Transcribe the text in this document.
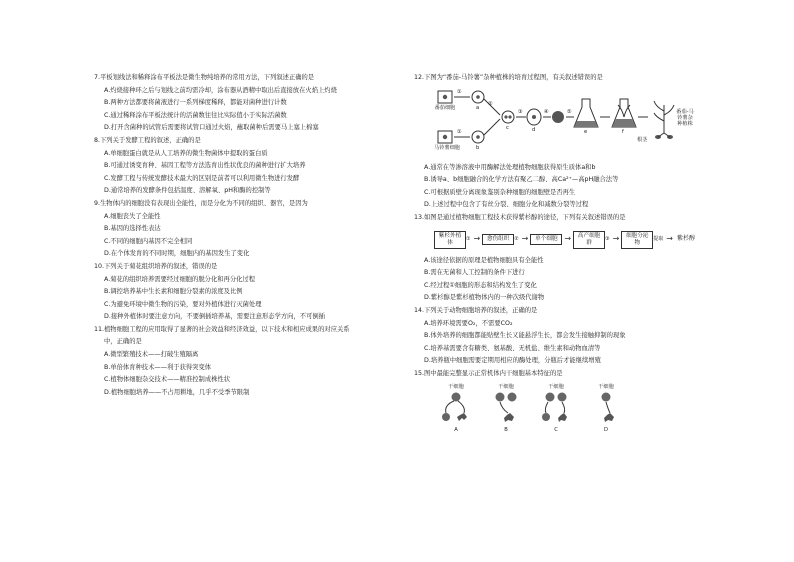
7.平板划线法和稀释涂布平板法是微生物纯培养的常用方法，下列叙述正确的是
A.灼烧接种环之后与划线之前均需冷却，涂布器从酒精中取出后直接放在火焰上灼烧
B.两种方法都要将菌液进行一系列梯度稀释，都能对菌种进行计数
C.通过稀释涂布平板法统计的活菌数往往比实际值小于实际活菌数
D.打开含菌种的试管后需要将试管口通过火焰，蘸取菌种后需要马上塞上棉塞
8.下列关于发酵工程的叙述，正确的是
A.单细胞蛋白就是从人工培养的微生物菌体中提取的蛋白质
B.可通过诱变育种、基因工程等方法选育出性状优良的菌种进行扩大培养
C.发酵工程与传统发酵技术最大的区别是前者可以利用微生物进行发酵
D.通常培养的发酵条件包括温度、溶解氧、pH和酶的控制等
9.生物体内的细胞没有表现出全能性，而是分化为不同的组织、器官，是因为
A.细胞丧失了全能性
B.基因的选择性表达
C.不同的细胞内基因不完全相同
D.在个体发育的不同时期，细胞内的基因发生了变化
10.下列关于菊花组织培养的叙述，错误的是
A.菊花的组织培养需要经过细胞的脱分化和再分化过程
B.调控培养基中生长素和细胞分裂素的浓度及比例
C.为避免环境中微生物的污染，要对外植体进行灭菌处理
D.接种外植体时要注意方向，不要倒插培养基，需要注意形态学方向，不可倒插
11.植物细胞工程的应用取得了显著的社会效益和经济效益，以下技术和相应成果的对应关系
中，正确的是
A.微型繁殖技术——打破生殖隔离
B.单倍体育种技术——利于获得突变体
C.植物体细胞杂交技术——精准控制成株性状
D.植物细胞培养——不占用耕地，几乎不受季节限制
12.下图为“番茄-马铃薯”杂种植株的培育过程图，有关叙述错误的是
番茄细胞
马铃薯细胞
①
①
②
③	④	⑤
a
b
c	d	e	f
根茎
番茄-马铃薯杂种植株
A.通常在等渗溶液中用酶解法处理植物细胞获得原生质体a和b
B.诱导a、b细胞融合的化学方法有聚乙二醇、高Ca²⁺—高pH融合法等
C.可根据质壁分离现象鉴别杂种细胞的细胞壁是否再生
D.上述过程中包含了有丝分裂、细胞分化和减数分裂等过程
13.如图是通过植物细胞工程技术获得紫杉醇的途径，下列有关叙述错误的是
紫杉外植体
① →	愈伤组织 ② →	单个细胞 →	高产细胞群
③ →	细胞分泌物
提取 → 紫杉醇
A.该途径依据的原理是植物细胞具有全能性
B.需在无菌和人工控制的条件下进行
C.经过程①细胞的形态和结构发生了变化
D.紫杉醇是紫杉植物体内的一种次级代谢物
14.下列关于动物细胞培养的叙述，正确的是
A.培养环境需要O₂，不需要CO₂
B.体外培养的细胞都能贴壁生长又能悬浮生长，都会发生接触抑制的现象
C.培养基需要含有糖类、氨基酸、无机盐、维生素和动物血清等
D.培养瓶中细胞需要定期用相应的酶处理，分瓶后才能继续增殖
15.图中最能完整显示正常机体内干细胞基本特征的是
干细胞
A
干细胞
B
干细胞
C
干细胞
D
